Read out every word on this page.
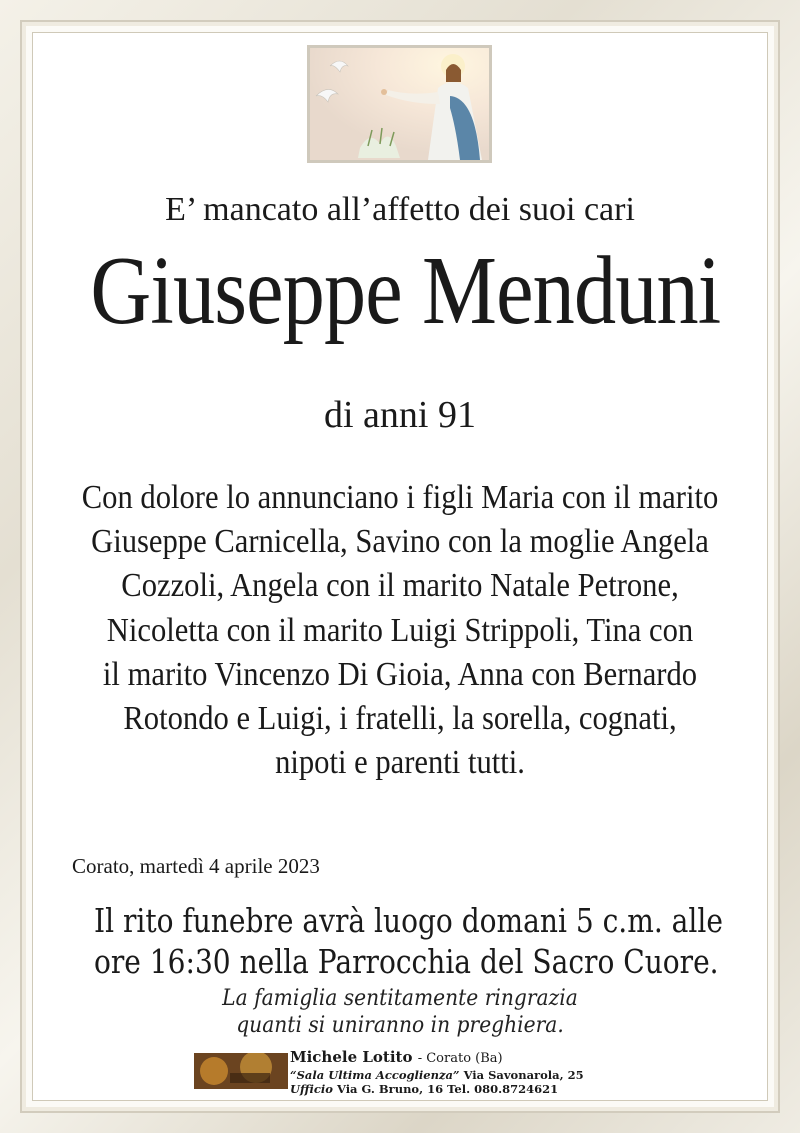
E’ mancato all’affetto dei suoi cari

Giuseppe Menduni

di anni 91

Con dolore lo annunciano i figli Maria con il marito
Giuseppe Carnicella, Savino con la moglie Angela
Cozzoli, Angela con il marito Natale Petrone,
Nicoletta con il marito Luigi Strippoli, Tina con
il marito Vincenzo Di Gioia, Anna con Bernardo
Rotondo e Luigi, i fratelli, la sorella, cognati,
nipoti e parenti tutti.

Corato, martedì 4 aprile 2023

Il rito funebre avrà luogo domani 5 c.m. alle
ore 16:30 nella Parrocchia del Sacro Cuore.
La famiglia sentitamente ringrazia
quanti si uniranno in preghiera.
Michele Lotito - Corato (Ba)
“Sala Ultima Accoglienza” Via Savonarola, 25
Ufficio Via G. Bruno, 16 Tel. 080.8724621
